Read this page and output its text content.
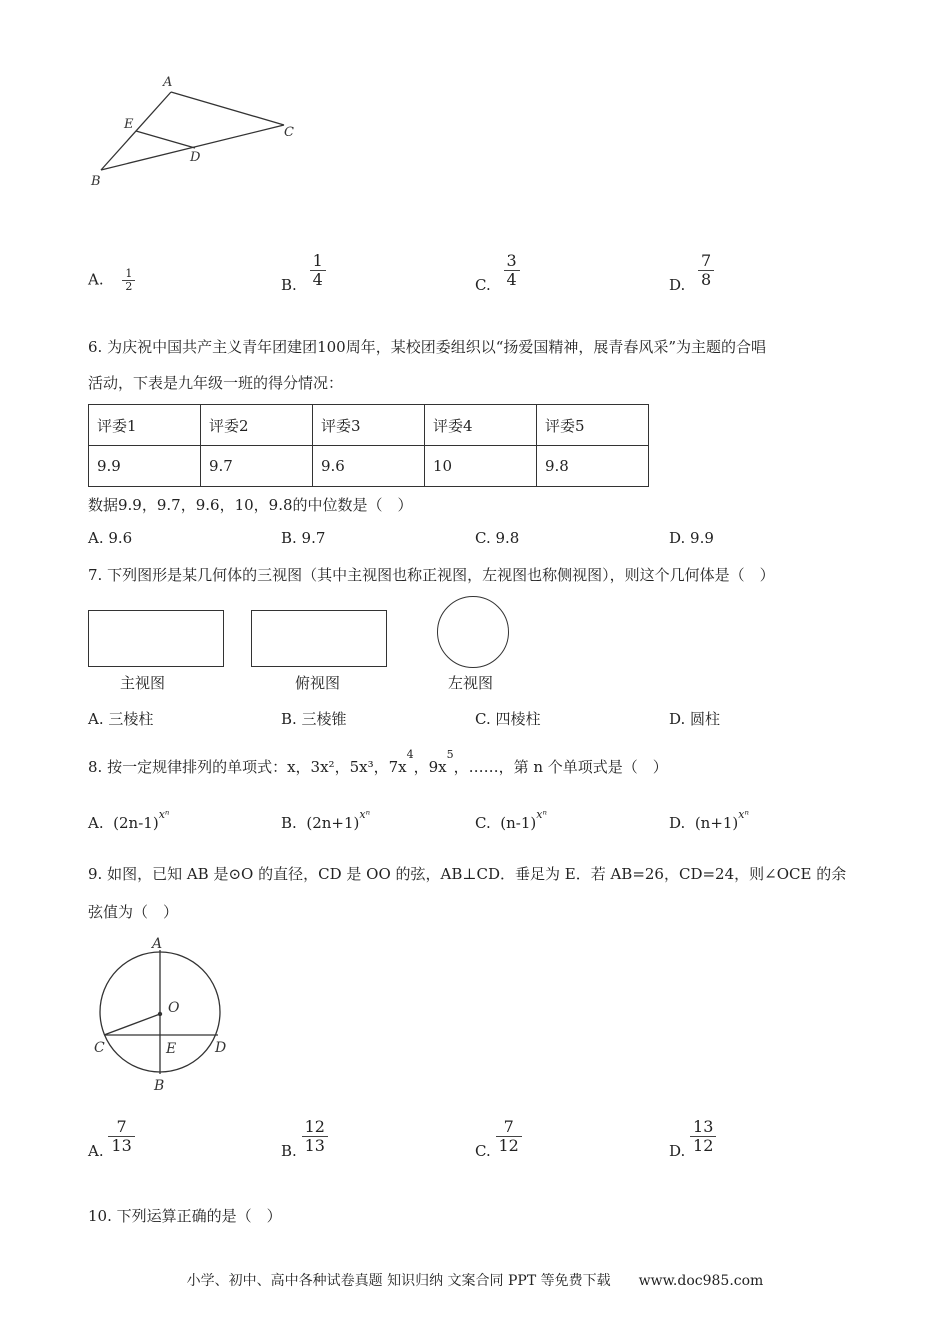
A
E
C
D
B
A. $\frac{1}{2}$	B. $\frac{1}{4}$	C. $\frac{3}{4}$	D. $\frac{7}{8}$
6. 为庆祝中国共产主义青年团建团100周年，某校团委组织以“扬爱国精神，展青春风采”为主题的合唱
活动，下表是九年级一班的得分情况：
评委1	评委2	评委3	评委4	评委5
9.9	9.7	9.6	10	9.8
数据9.9，9.7，9.6，10，9.8的中位数是（　）
A. 9.6	B. 9.7	C. 9.8	D. 9.9
7. 下列图形是某几何体的三视图（其中主视图也称正视图，左视图也称侧视图），则这个几何体是（　）
主视图	俯视图	左视图
A. 三棱柱	B. 三棱锥	C. 四棱柱	D. 圆柱
8. 按一定规律排列的单项式：x，3x²，5x³，$7x^4$，$9x^5$，……，第 n 个单项式是（　）
A. $(2n-1)^{x^n}$	B. $(2n+1)^{x^n}$	C. $(n-1)^{x^n}$	D. $(n+1)^{x^n}$
9. 如图，已知 AB 是⊙O 的直径，CD 是 OO 的弦，AB⊥CD．垂足为 E．若 AB=26，CD=24，则∠OCE 的余
弦值为（　）
A
O
C	E	D
B
A. $\frac{7}{13}$	B. $\frac{12}{13}$	C. $\frac{7}{12}$	D. $\frac{13}{12}$
10. 下列运算正确的是（　）
小学、初中、高中各种试卷真题 知识归纳 文案合同 PPT 等免费下载　　www.doc985.com
